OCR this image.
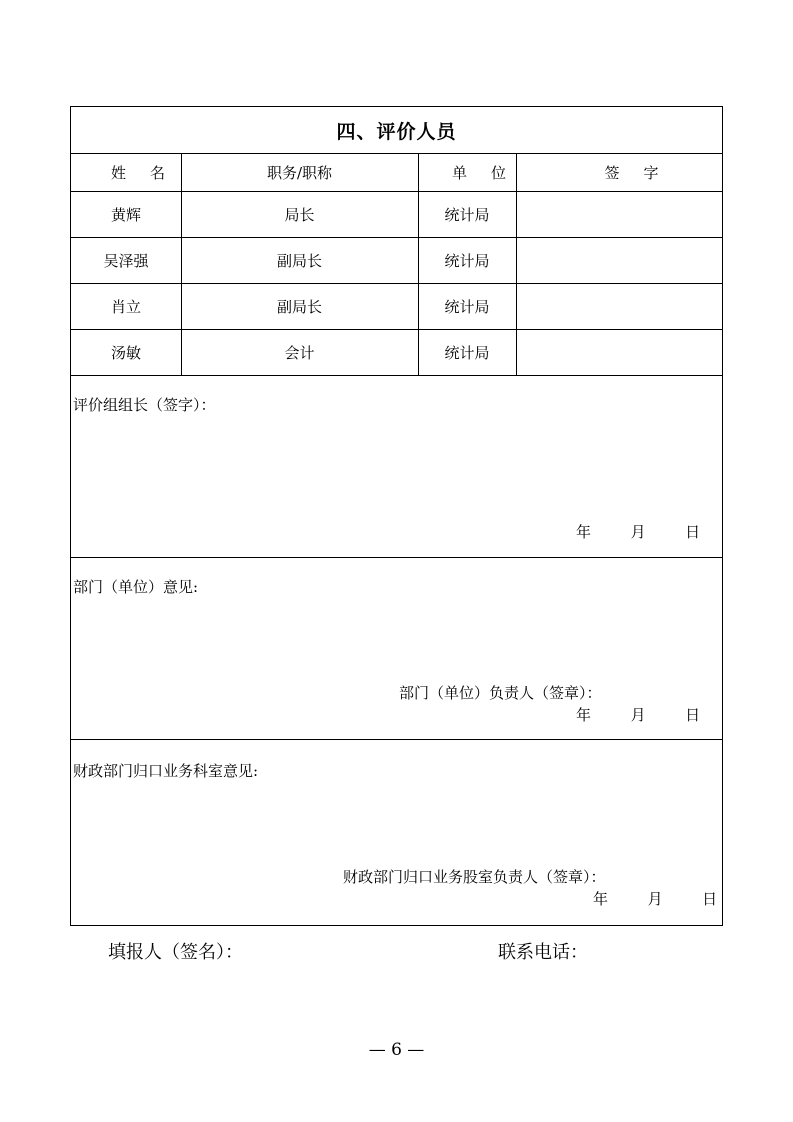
四、评价人员
姓名	职务/职称	单位	签字
黄辉	局长	统计局
吴泽强	副局长	统计局
肖立	副局长	统计局
汤敏	会计	统计局
评价组组长（签字）：
年	月	日
部门（单位）意见:
部门（单位）负责人（签章）：
年	月	日
财政部门归口业务科室意见:
财政部门归口业务股室负责人（签章）：
年	月	日
填报人（签名）：	联系电话：
— 6 —
